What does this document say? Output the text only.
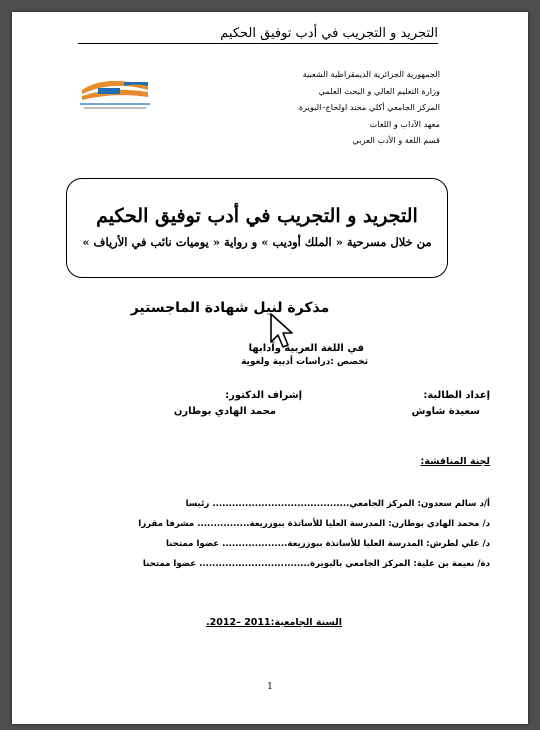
التجريد و التجريب في أدب توفيق الحكيم
الجمهورية الجزائرية الديمقراطية الشعبية
وزارة التعليم العالي و البحث العلمي
المركز الجامعي أكلي محند اولحاج–البويرة
معهد الآداب و اللغات
قسم اللغة و الأدب العربي
التجريد و التجريب في أدب توفيق الحكيم
من خلال مسرحية « الملك أوديب » و رواية « يوميات نائب في الأرياف »
مذكرة لنيل شهادة الماجستير
في اللغة العربية وآدابها
تخصص :دراسات أدبية ولغوية
إعداد الطالبة:
إشراف الدكتور:
سعيدة شاوش
محمد الهادي بوطارن
لجنة المناقشة:
أ/د سالم سعدون: المركز الجامعي.......................................... رئيسا
د/ محمد الهادي بوطارن: المدرسة العليا للأساتذة ببوزريعة................ مشرفا مقررا
د/ علي لطرش: المدرسة العليا للأساتذة ببوزريعة.................... عضوا ممتحنا
دة/ نعيمة بن علية: المركز الجامعي بالبويرة.................................. عضوا ممتحنا
السنة الجامعية:2011 –2012.
1
